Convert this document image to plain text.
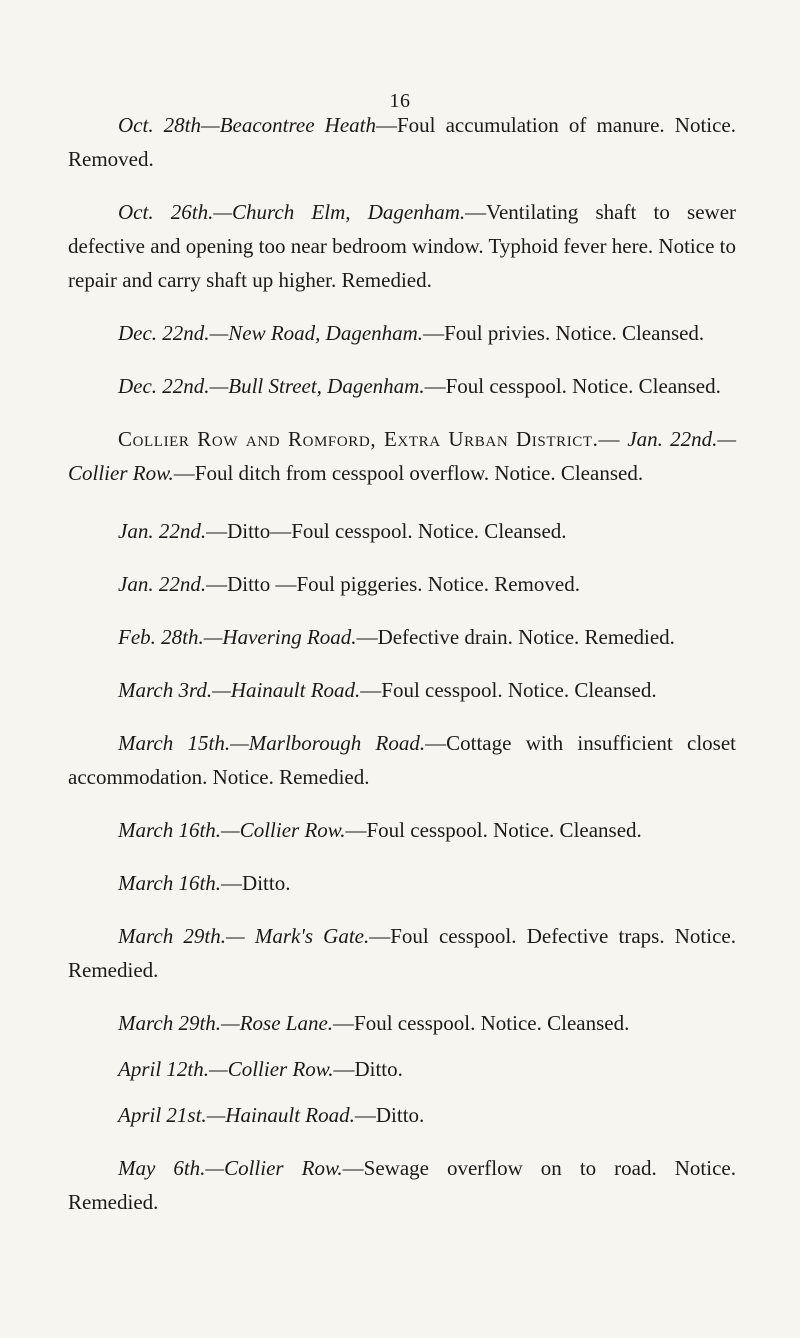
16

Oct. 28th—Beacontree Heath—Foul accumulation of manure. Notice. Removed.

Oct. 26th.—Church Elm, Dagenham.—Ventilating shaft to sewer defective and opening too near bedroom window. Typhoid fever here. Notice to repair and carry shaft up higher. Remedied.

Dec. 22nd.—New Road, Dagenham.—Foul privies. Notice. Cleansed.

Dec. 22nd.—Bull Street, Dagenham.—Foul cesspool. Notice. Cleansed.

Collier Row and Romford, Extra Urban District.— Jan. 22nd.—Collier Row.—Foul ditch from cesspool overflow. Notice. Cleansed.

Jan. 22nd.—Ditto—Foul cesspool. Notice. Cleansed.

Jan. 22nd.—Ditto —Foul piggeries. Notice. Removed.

Feb. 28th.—Havering Road.—Defective drain. Notice. Remedied.

March 3rd.—Hainault Road.—Foul cesspool. Notice. Cleansed.

March 15th.—Marlborough Road.—Cottage with insufficient closet accommodation. Notice. Remedied.

March 16th.—Collier Row.—Foul cesspool. Notice. Cleansed.

March 16th.—Ditto.

March 29th.— Mark's Gate.—Foul cesspool. Defective traps. Notice. Remedied.

March 29th.—Rose Lane.—Foul cesspool. Notice. Cleansed.

April 12th.—Collier Row.—Ditto.

April 21st.—Hainault Road.—Ditto.

May 6th.—Collier Row.—Sewage overflow on to road. Notice. Remedied.
